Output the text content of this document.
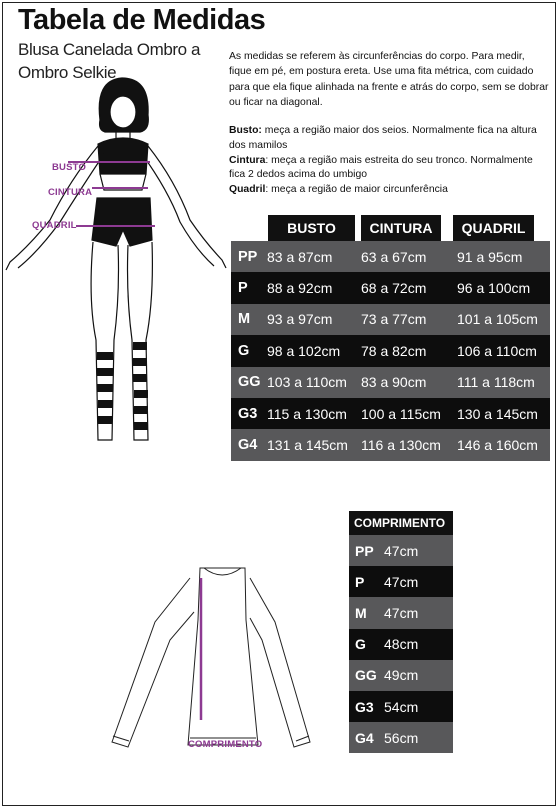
Tabela de Medidas
Blusa Canelada Ombro a Ombro Selkie
As medidas se referem às circunferências do corpo. Para medir, fique em pé, em postura ereta. Use uma fita métrica, com cuidado para que ela fique alinhada na frente e atrás do corpo, sem se dobrar ou ficar na diagonal.
Busto: meça a região maior dos seios. Normalmente fica na altura dos mamilos
Cintura: meça a região mais estreita do seu tronco. Normalmente fica 2 dedos acima do umbigo
Quadril: meça a região de maior circunferência
BUSTO
CINTURA
QUADRIL

	BUSTO	CINTURA	QUADRIL

PP	83 a 87cm	63 a 67cm	91 a 95cm
P	88 a 92cm	68 a 72cm	96 a 100cm
M	93 a 97cm	73 a 77cm	101 a 105cm
G	98 a 102cm	78 a 82cm	106 a 110cm
GG	103 a 110cm	83 a 90cm	111 a 118cm
G3	115 a 130cm	100 a 115cm	130 a 145cm
G4	131 a 145cm	116 a 130cm	146 a 160cm
COMPRIMENTO
COMPRIMENTO	
PP	47cm
P	47cm
M	47cm
G	48cm
GG	49cm
G3	54cm
G4	56cm
